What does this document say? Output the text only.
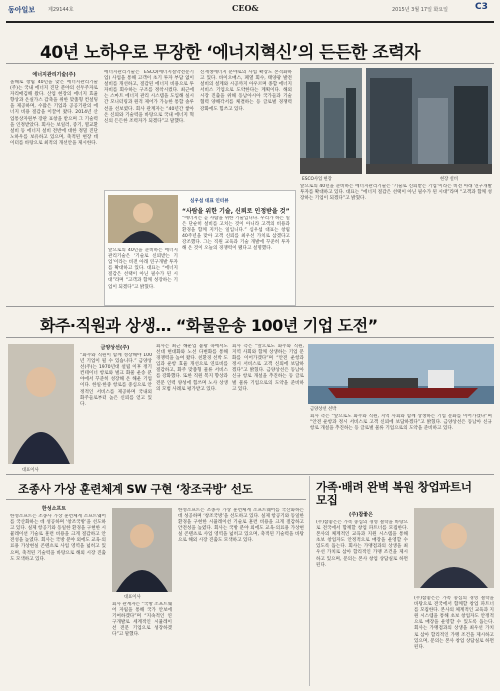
동아일보	제29144호	CEO&	2015년 3월 17일 화요일	C3
40년 노하우로 무장한 ‘에너지혁신’의 든든한 조력자
에너지관리기술(주)
올해로 창립 40년을 맞은 에너지관리기술(주)는 국내 에너지 진단 분야의 선두주자로 자리매김해 왔다. 산업 현장의 에너지 효율 향상과 온실가스 감축을 위한 맞춤형 컨설팅을 제공하며, 수많은 기업과 공공기관의 에너지 비용 절감을 이끌어 왔다. 2014년 산업통상자원부 장관 표창을 받으며 그 기술력을 인정받았다. 회사는 보일러, 증기, 열교환 설비 등 에너지 설비 전반에 대한 정밀 진단 노하우를 보유하고 있으며, 축적된 현장 데이터를 바탕으로 최적의 개선안을 제시한다.
에너지관리기술은 ESCO(에너지절약전문기업) 사업을 통해 고객이 초기 투자 부담 없이 설비를 개선하고, 절감된 에너지 비용으로 투자비를 회수하는 구조를 정착시켰다. 최근에는 스마트 에너지 관리 시스템을 도입해 실시간 모니터링과 원격 제어가 가능한 통합 솔루션을 선보였다. 회사 관계자는 “40년간 쌓아온 신뢰와 기술력을 바탕으로 국내 에너지 혁신의 든든한 조력자가 되겠다”고 말했다.
신재생에너지 분야로의 사업 확장도 본격화하고 있다. 바이오매스, 폐열 회수, 태양광 발전 설비의 설계와 시공까지 아우르며 종합 에너지 서비스 기업으로 도약한다는 계획이다. 해외 시장 진출을 위해 동남아시아 국가들과 기술 협력 양해각서를 체결하는 등 글로벌 경쟁력 강화에도 힘쓰고 있다.
ESCO사업 현장	현장 설비
심우섭 대표 인터뷰
“사람을 위한 기술, 신뢰로 인정받을 것”
“에너지는 곧 사람을 위한 기술입니다. 우리가 하는 일은 단순히 설비를 고치는 것이 아니라 고객의 비용과 환경을 함께 지키는 일입니다.” 심우섭 대표는 창립 40주년을 맞아 고객 신뢰를 최우선 가치로 삼겠다고 강조했다. 그는 직원 교육과 기술 개발에 꾸준히 투자해 온 것이 오늘의 경쟁력이 됐다고 설명했다.
앞으로의 40년을 준비하는 에너지관리기술은 ‘기술로 신뢰받는 기업’이라는 비전 아래 연구개발 투자를 확대하고 있다. 대표는 “에너지 절감은 선택이 아닌 필수가 된 시대”라며 “고객과 함께 성장하는 기업이 되겠다”고 밝혔다.
앞으로의 40년을 준비하는 에너지관리기술은 ‘기술로 신뢰받는 기업’이라는 비전 아래 연구개발 투자를 확대하고 있다. 대표는 “에너지 절감은 선택이 아닌 필수가 된 시대”라며 “고객과 함께 성장하는 기업이 되겠다”고 밝혔다.
화주·직원과 상생… “화물운송 100년 기업 도전”
대표이사
금양상선(주)
“화주와 직원이 함께 성장해야 100년 기업이 될 수 있습니다.” 금양상선(주)는 1970년대 설립 이후 정기 컨테이너 항로와 벌크 화물 운송 분야에서 꾸준히 성장해 온 해운 기업이다. 한일·한중 항로를 중심으로 안정적인 서비스를 제공하며 국내외 화주들로부터 높은 신뢰를 얻고 있다.
회사는 최근 해운업 불황 속에서도 선대 현대화와 노선 다변화를 통해 경쟁력을 높여 왔다. 친환경 선박 도입과 운항 효율 개선으로 연료비를 절감하고, 화주 맞춤형 물류 서비스를 강화했다. 또한 직원 복지 향상과 전문 인력 양성에 힘쓰며 노사 상생의 모범 사례로 평가받고 있다.
회사 측은 “앞으로도 화주와 직원, 지역 사회와 함께 상생하는 기업 문화를 이어가겠다”며 “안전 운항과 정시 서비스로 고객 신뢰에 보답하겠다”고 밝혔다. 금양상선은 동남아 신규 항로 개설을 추진하는 등 글로벌 물류 기업으로의 도약을 준비하고 있다.
금양상선 선박
회사 측은 “앞으로도 화주와 직원, 지역 사회와 함께 상생하는 기업 문화를 이어가겠다”며 “안전 운항과 정시 서비스로 고객 신뢰에 보답하겠다”고 밝혔다. 금양상선은 동남아 신규 항로 개설을 추진하는 등 글로벌 물류 기업으로의 도약을 준비하고 있다.
조종사 가상 훈련체계 SW 구현 ‘창조국방’ 선도
한성소프트
한성소프트는 조종사 가상 훈련체계 소프트웨어를 국산화하는 데 성공하며 ‘창조국방’을 선도하고 있다. 실제 항공기와 동일한 환경을 구현한 시뮬레이션 기술로 훈련 비용을 크게 절감하고 안전성을 높였다. 회사는 국방 분야 외에도 교육·의료용 가상현실 콘텐츠로 사업 영역을 넓히고 있으며, 축적된 기술력을 바탕으로 해외 시장 진출도 모색하고 있다.
대표이사
회사 관계자는 “국방 소프트웨어 자립을 통해 국가 안보에 기여하겠다”며 “지속적인 연구개발로 세계적인 시뮬레이션 전문 기업으로 성장하겠다”고 말했다.
한성소프트는 조종사 가상 훈련체계 소프트웨어를 국산화하는 데 성공하며 ‘창조국방’을 선도하고 있다. 실제 항공기와 동일한 환경을 구현한 시뮬레이션 기술로 훈련 비용을 크게 절감하고 안전성을 높였다. 회사는 국방 분야 외에도 교육·의료용 가상현실 콘텐츠로 사업 영역을 넓히고 있으며, 축적된 기술력을 바탕으로 해외 시장 진출도 모색하고 있다.
가족·배려 완벽 복원 창업파트너 모집
(주)참좋은
(주)참좋은은 가족 중심의 경영 철학을 바탕으로 전국에서 함께할 창업 파트너를 모집한다. 본사의 체계적인 교육과 지원 시스템을 통해 초보 창업자도 안정적으로 매장을 운영할 수 있도록 돕는다. 회사는 가맹점과의 상생을 최우선 가치로 삼아 합리적인 가맹 조건을 제시하고 있으며, 문의는 본사 창업 상담실로 하면 된다.
(주)참좋은은 가족 중심의 경영 철학을 바탕으로 전국에서 함께할 창업 파트너를 모집한다. 본사의 체계적인 교육과 지원 시스템을 통해 초보 창업자도 안정적으로 매장을 운영할 수 있도록 돕는다. 회사는 가맹점과의 상생을 최우선 가치로 삼아 합리적인 가맹 조건을 제시하고 있으며, 문의는 본사 창업 상담실로 하면 된다.
